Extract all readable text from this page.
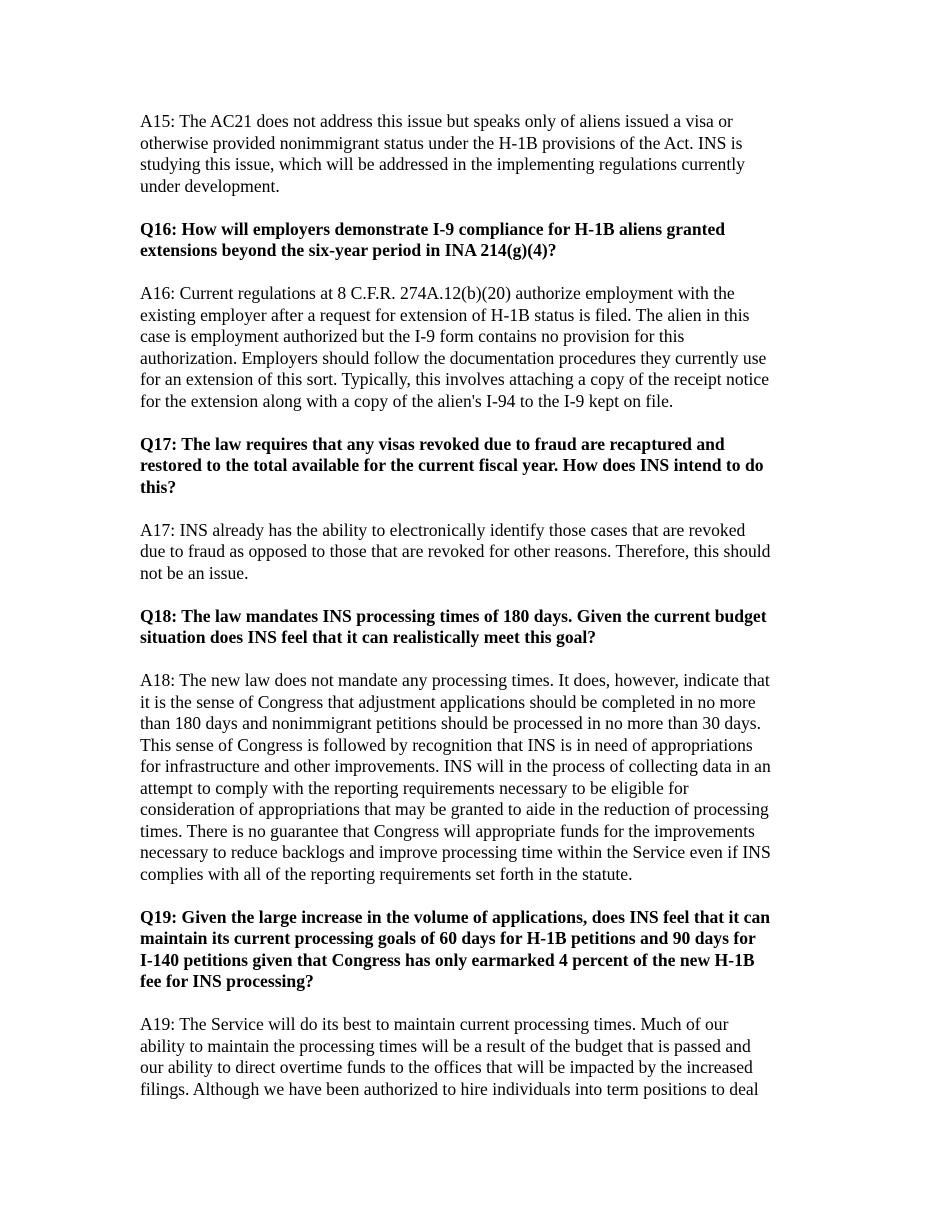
A15: The AC21 does not address this issue but speaks only of aliens issued a visa or
otherwise provided nonimmigrant status under the H-1B provisions of the Act. INS is
studying this issue, which will be addressed in the implementing regulations currently
under development.

Q16: How will employers demonstrate I-9 compliance for H-1B aliens granted
extensions beyond the six-year period in INA 214(g)(4)?

A16: Current regulations at 8 C.F.R. 274A.12(b)(20) authorize employment with the
existing employer after a request for extension of H-1B status is filed. The alien in this
case is employment authorized but the I-9 form contains no provision for this
authorization. Employers should follow the documentation procedures they currently use
for an extension of this sort. Typically, this involves attaching a copy of the receipt notice
for the extension along with a copy of the alien's I-94 to the I-9 kept on file.

Q17: The law requires that any visas revoked due to fraud are recaptured and
restored to the total available for the current fiscal year. How does INS intend to do
this?

A17: INS already has the ability to electronically identify those cases that are revoked
due to fraud as opposed to those that are revoked for other reasons. Therefore, this should
not be an issue.

Q18: The law mandates INS processing times of 180 days. Given the current budget
situation does INS feel that it can realistically meet this goal?

A18: The new law does not mandate any processing times. It does, however, indicate that
it is the sense of Congress that adjustment applications should be completed in no more
than 180 days and nonimmigrant petitions should be processed in no more than 30 days.
This sense of Congress is followed by recognition that INS is in need of appropriations
for infrastructure and other improvements. INS will in the process of collecting data in an
attempt to comply with the reporting requirements necessary to be eligible for
consideration of appropriations that may be granted to aide in the reduction of processing
times. There is no guarantee that Congress will appropriate funds for the improvements
necessary to reduce backlogs and improve processing time within the Service even if INS
complies with all of the reporting requirements set forth in the statute.

Q19: Given the large increase in the volume of applications, does INS feel that it can
maintain its current processing goals of 60 days for H-1B petitions and 90 days for
I-140 petitions given that Congress has only earmarked 4 percent of the new H-1B
fee for INS processing?

A19: The Service will do its best to maintain current processing times. Much of our
ability to maintain the processing times will be a result of the budget that is passed and
our ability to direct overtime funds to the offices that will be impacted by the increased
filings. Although we have been authorized to hire individuals into term positions to deal
